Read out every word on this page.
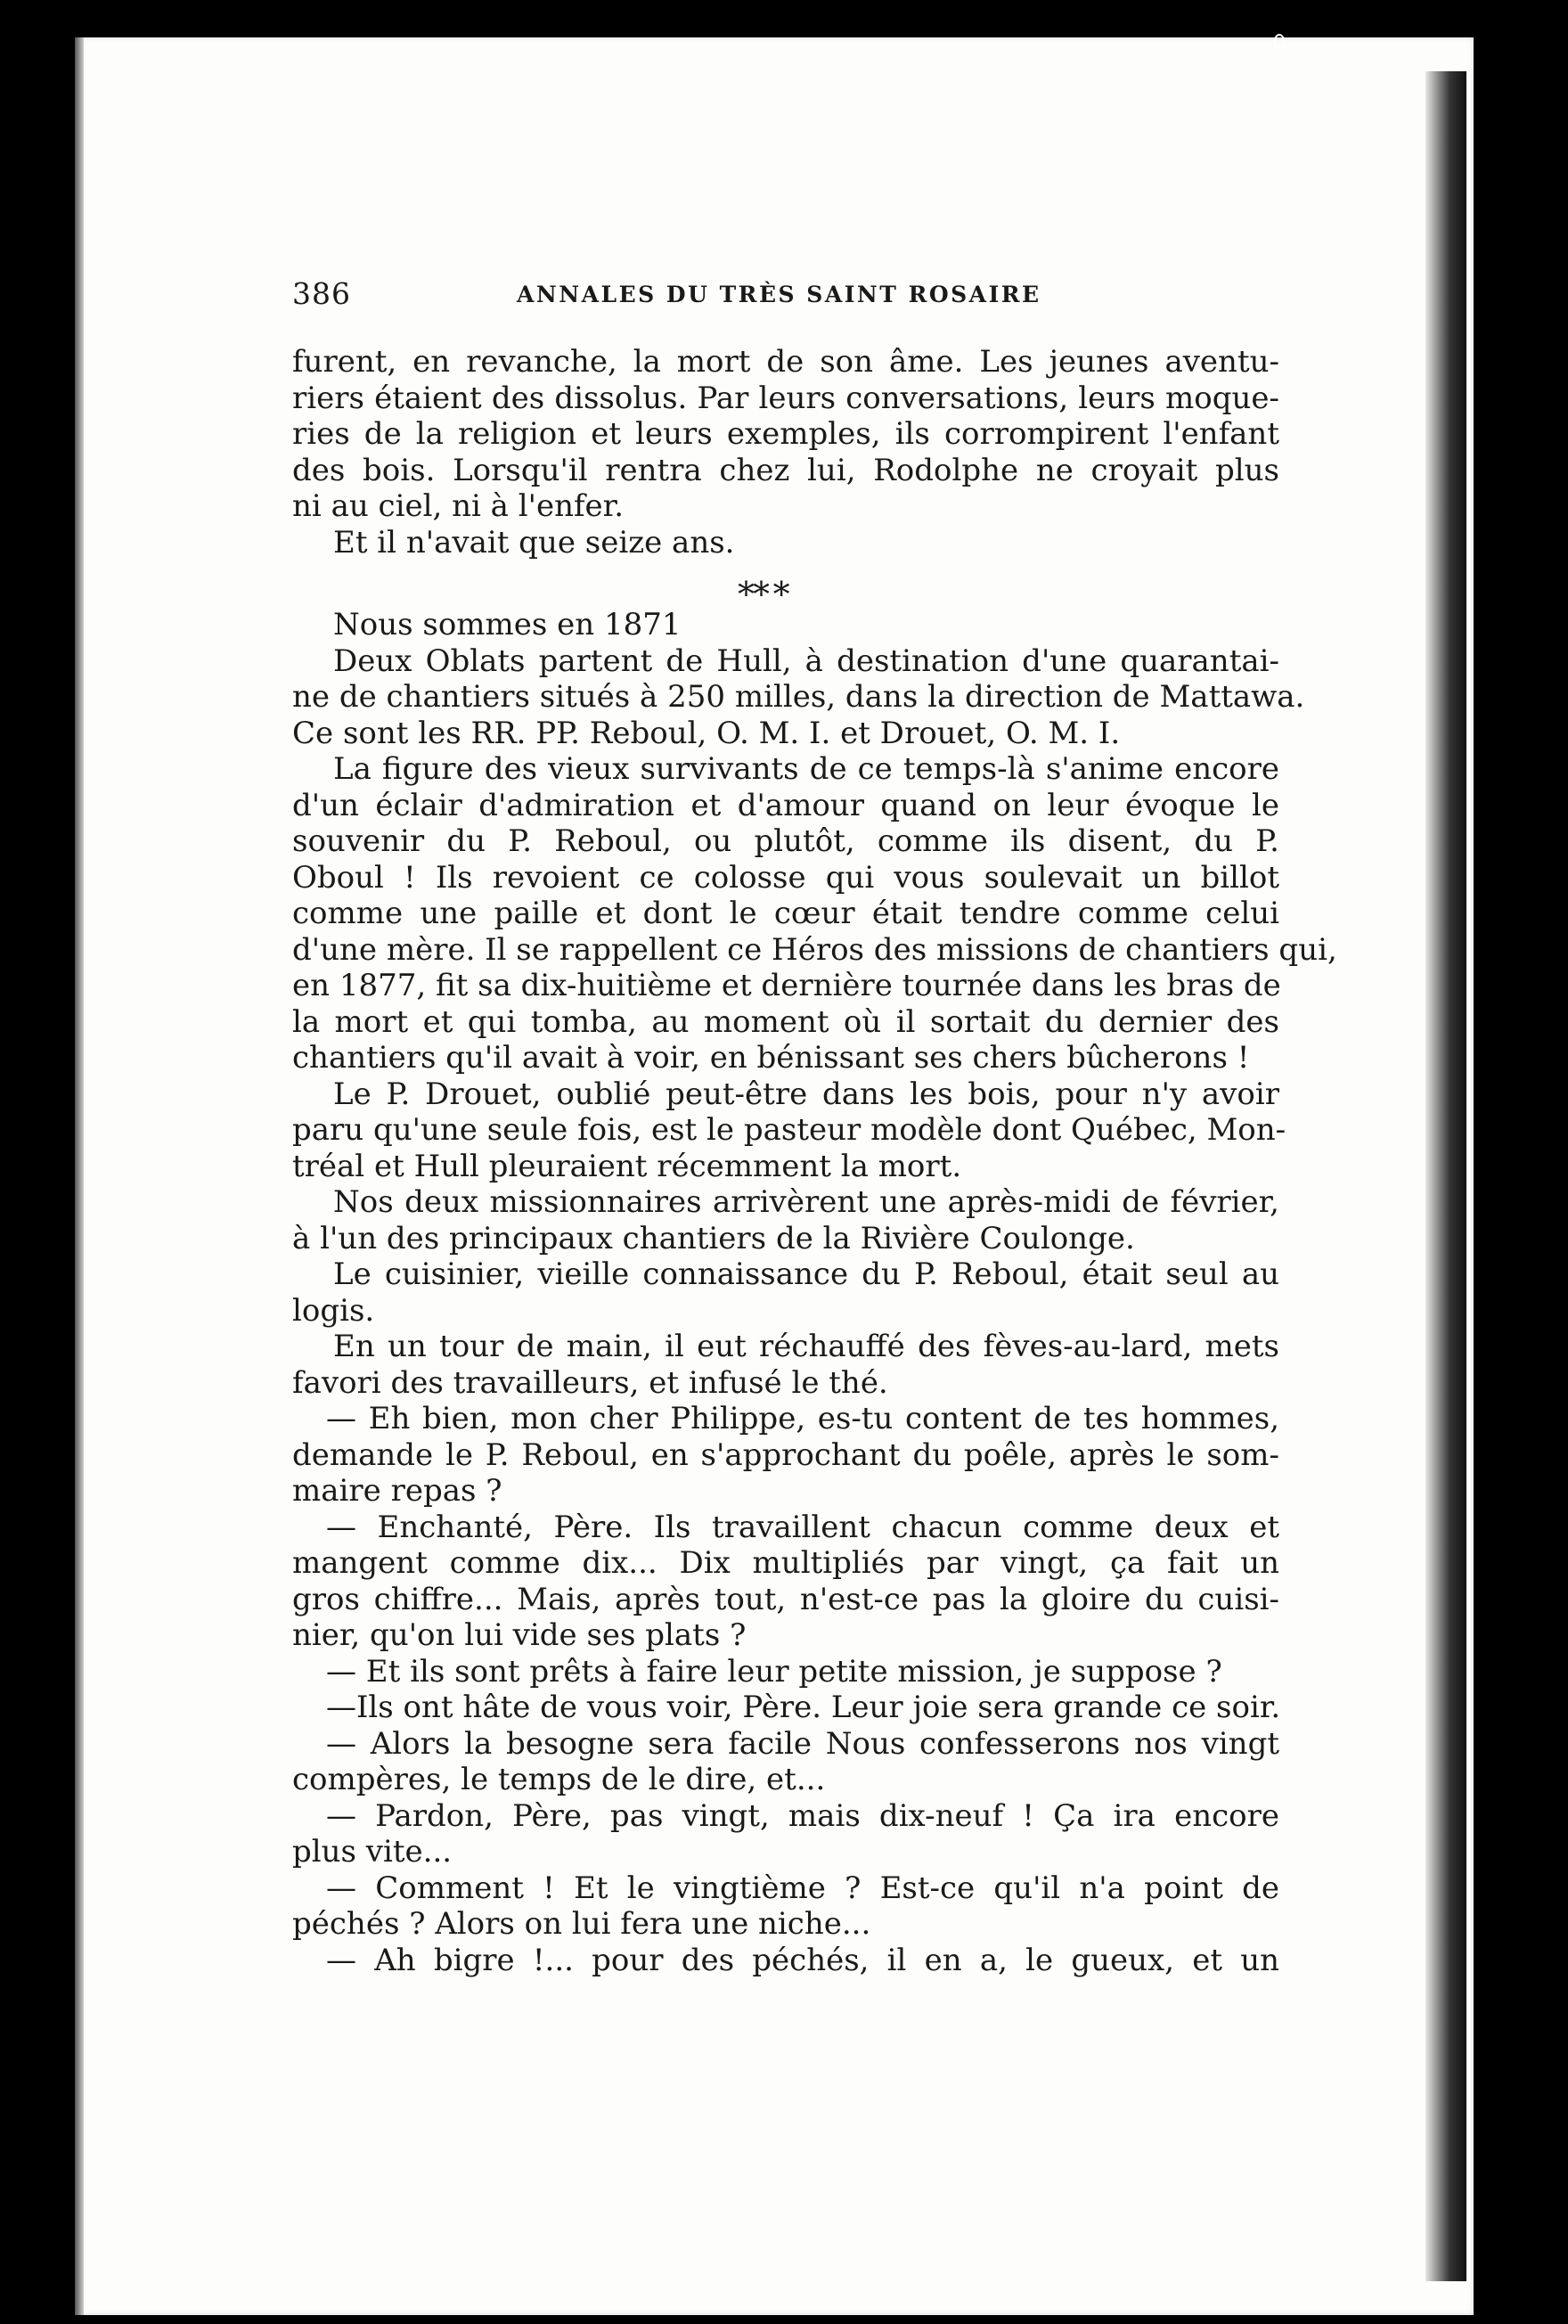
386	ANNALES DU TRÈS SAINT ROSAIRE
furent, en revanche, la mort de son âme. Les jeunes aventu-
riers étaient des dissolus. Par leurs conversations, leurs moque-
ries de la religion et leurs exemples, ils corrompirent l'enfant
des bois. Lorsqu'il rentra chez lui, Rodolphe ne croyait plus
ni au ciel, ni à l'enfer.
Et il n'avait que seize ans.
** *
Nous sommes en 1871
Deux Oblats partent de Hull, à destination d'une quarantai-
ne de chantiers situés à 250 milles, dans la direction de Mattawa.
Ce sont les RR. PP. Reboul, O. M. I. et Drouet, O. M. I.
La figure des vieux survivants de ce temps-là s'anime encore
d'un éclair d'admiration et d'amour quand on leur évoque le
souvenir du P. Reboul, ou plutôt, comme ils disent, du P.
Oboul ! Ils revoient ce colosse qui vous soulevait un billot
comme une paille et dont le cœur était tendre comme celui
d'une mère. Il se rappellent ce Héros des missions de chantiers qui,
en 1877, fit sa dix-huitième et dernière tournée dans les bras de
la mort et qui tomba, au moment où il sortait du dernier des
chantiers qu'il avait à voir, en bénissant ses chers bûcherons !
Le P. Drouet, oublié peut-être dans les bois, pour n'y avoir
paru qu'une seule fois, est le pasteur modèle dont Québec, Mon-
tréal et Hull pleuraient récemment la mort.
Nos deux missionnaires arrivèrent une après-midi de février,
à l'un des principaux chantiers de la Rivière Coulonge.
Le cuisinier, vieille connaissance du P. Reboul, était seul au
logis.
En un tour de main, il eut réchauffé des fèves-au-lard, mets
favori des travailleurs, et infusé le thé.
— Eh bien, mon cher Philippe, es-tu content de tes hommes,
demande le P. Reboul, en s'approchant du poêle, après le som-
maire repas ?
— Enchanté, Père. Ils travaillent chacun comme deux et
mangent comme dix... Dix multipliés par vingt, ça fait un
gros chiffre... Mais, après tout, n'est-ce pas la gloire du cuisi-
nier, qu'on lui vide ses plats ?
— Et ils sont prêts à faire leur petite mission, je suppose ?
—Ils ont hâte de vous voir, Père. Leur joie sera grande ce soir.
— Alors la besogne sera facile Nous confesserons nos vingt
compères, le temps de le dire, et...
— Pardon, Père, pas vingt, mais dix-neuf ! Ça ira encore
plus vite...
— Comment ! Et le vingtième ? Est-ce qu'il n'a point de
péchés ? Alors on lui fera une niche...
— Ah bigre !... pour des péchés, il en a, le gueux, et un
